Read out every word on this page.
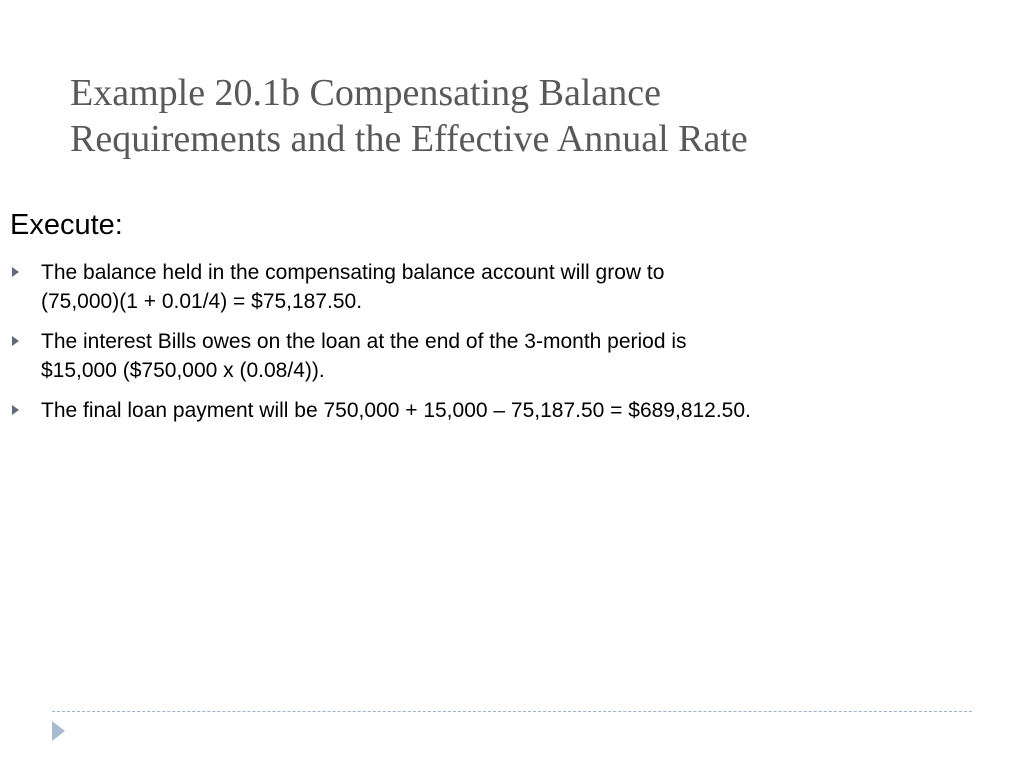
Example 20.1b Compensating Balance
Requirements and the Effective Annual Rate
Execute:
The balance held in the compensating balance account will grow to
(75,000)(1 + 0.01/4) = $75,187.50.
The interest Bills owes on the loan at the end of the 3-month period is
$15,000 ($750,000 x (0.08/4)).
The final loan payment will be 750,000 + 15,000 – 75,187.50 = $689,812.50.
